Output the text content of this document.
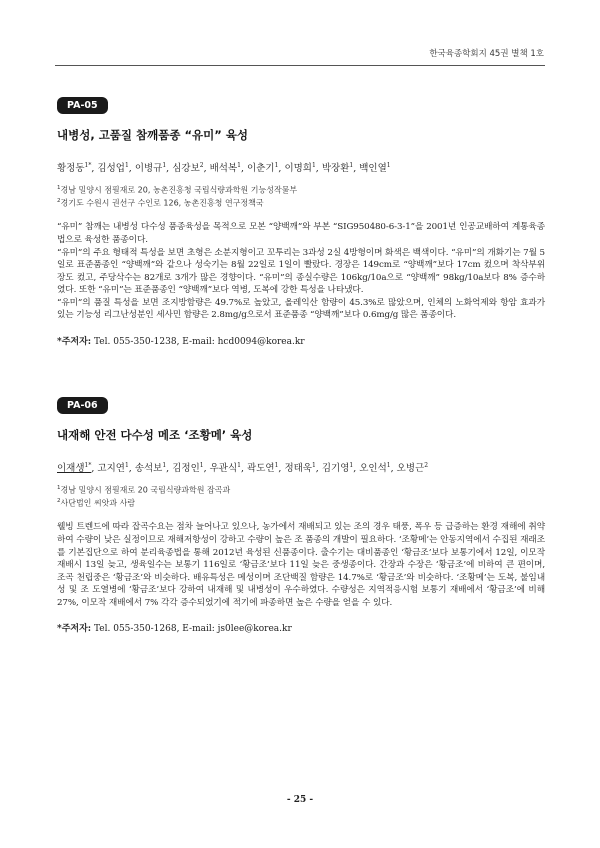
한국육종학회지 45권 별책 1호
PA-05
내병성, 고품질 참깨품종 “유미” 육성
황정동$^{1*}$, 김성업$^1$, 이병규$^1$, 심강보$^2$, 배석복$^1$, 이춘기$^1$, 이명희$^1$, 박장환$^1$, 백인열$^1$
$^1$경남 밀양시 점필재로 20, 농촌진흥청 국립식량과학원 기능성작물부
$^2$경기도 수원시 권선구 수인로 126, 농촌진흥청 연구정책국

“유미” 참깨는 내병성 다수성 품종육성을 목적으로 모본 “양백깨”와 부본 “SIG950480-6-3-1”을 2001년 인공교배하여 계통육종법으로 육성한 품종이다.

“유미”의 주요 형태적 특성을 보면 초형은 소분지형이고 꼬투리는 3과성 2실 4방형이며 화색은 백색이다. “유미”의 개화기는 7월 5일로 표준품종인 “양백깨”와 같으나 성숙기는 8월 22일로 1일이 빨랐다. 경장은 149cm로 “양백깨”보다 17cm 컸으며 착삭부위장도 컸고, 주당삭수는 82개로 3개가 많은 경향이다. “유미”의 종실수량은 106kg/10a으로 “양백깨” 98kg/10a보다 8% 증수하였다. 또한 “유미”는 표준품종인 “양백깨”보다 역병, 도복에 강한 특성을 나타냈다.

“유미”의 품질 특성을 보면 조지방함량은 49.7%로 높았고, 올레익산 함량이 45.3%로 많았으며, 인체의 노화억제와 항암 효과가 있는 기능성 리그난성분인 세사민 함량은 2.8mg/g으로서 표준품종 “양백깨”보다 0.6mg/g 많은 품종이다.

*주저자: Tel. 055-350-1238, E-mail: hcd0094@korea.kr
PA-06
내재해 안전 다수성 메조 ‘조황메’ 육성
이재생$^{1*}$, 고지연$^1$, 송석보$^1$, 김정인$^1$, 우관식$^1$, 곽도연$^1$, 정태욱$^1$, 김기영$^1$, 오인석$^1$, 오병근$^2$
$^1$경남 밀양시 점필재로 20 국립식량과학원 잡곡과
$^2$사단법인 씨앗과 사람

웰빙 트렌드에 따라 잡곡수요는 점차 늘어나고 있으나, 농가에서 재배되고 있는 조의 경우 태풍, 폭우 등 급증하는 환경 재해에 취약하여 수량이 낮은 실정이므로 재해저항성이 강하고 수량이 높은 조 품종의 개발이 필요하다. ‘조황메’는 안동지역에서 수집된 재래조를 기본집단으로 하여 분리육종법을 통해 2012년 육성된 신품종이다. 출수기는 대비품종인 ‘황금조’보다 보통기에서 12일, 이모작재배시 13일 늦고, 생육일수는 보통기 116일로 ‘황금조’보다 11일 늦은 중생종이다. 간장과 수장은 ‘황금조’에 비하여 큰 편이며, 조곡 천립중은 ‘황금조’와 비슷하다. 배유특성은 메성이며 조단백질 함량은 14.7%로 ‘황금조’와 비슷하다. ‘조황메’는 도복, 불임내성 및 조 도열병에 ‘황금조’보다 강하여 내재해 및 내병성이 우수하였다. 수량성은 지역적응시험 보통기 재배에서 ‘황금조’에 비해 27%, 이모작 재배에서 7% 각각 증수되었기에 적기에 파종하면 높은 수량을 얻을 수 있다.

*주저자: Tel. 055-350-1268, E-mail: js0lee@korea.kr
- 25 -
